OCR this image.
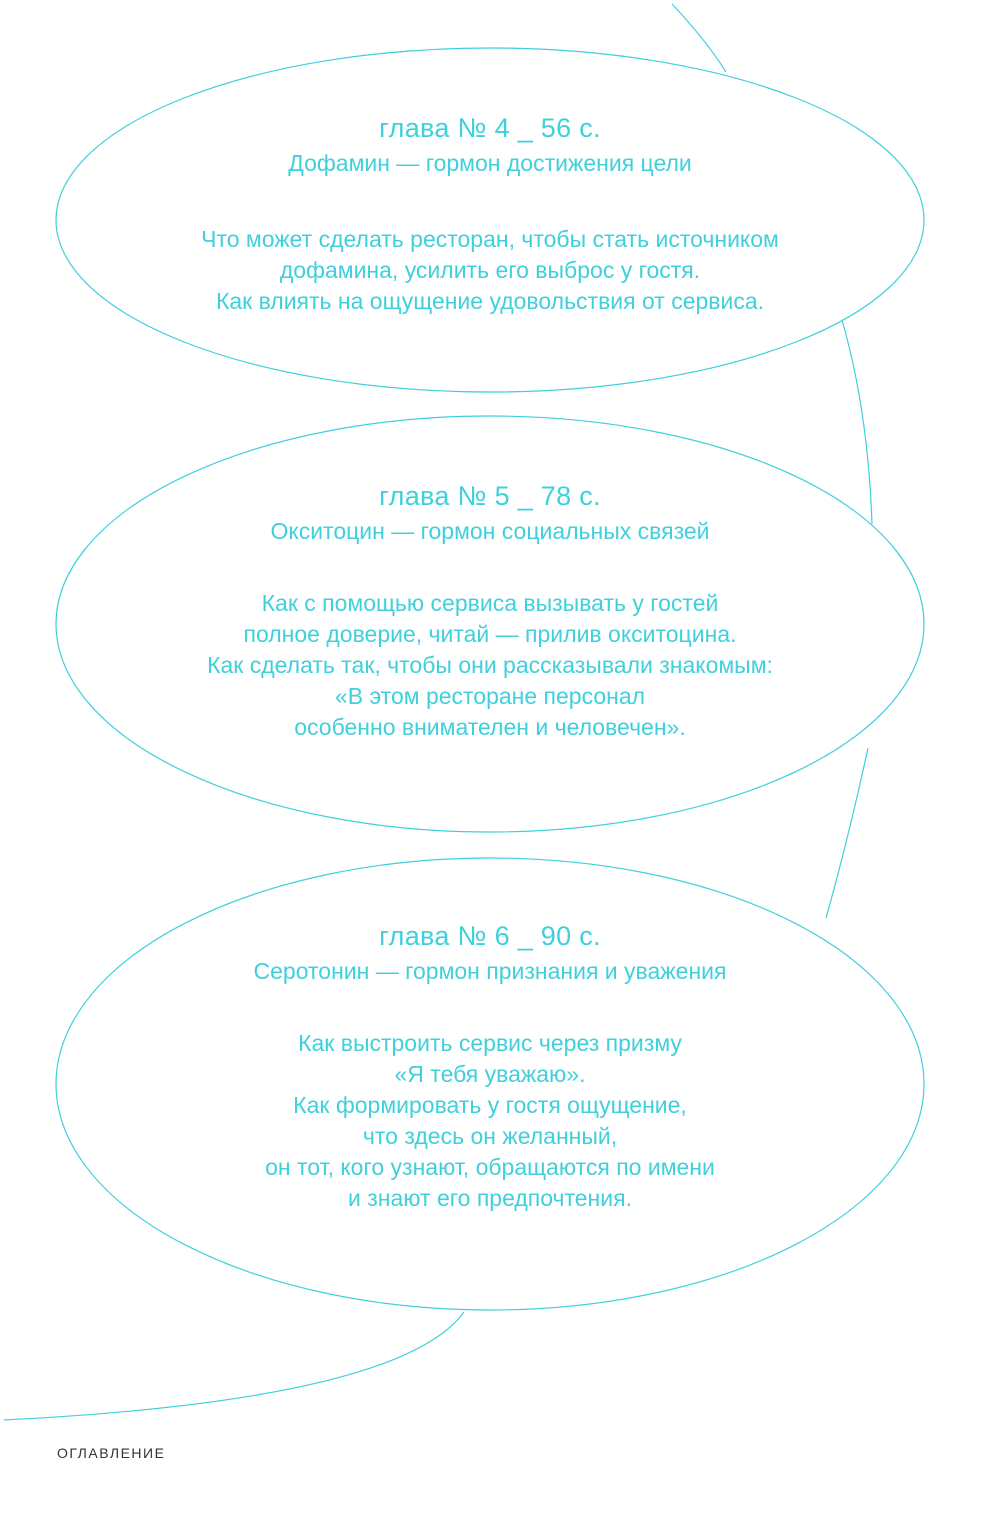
глава № 4 _ 56 с.

Дофамин — гормон достижения цели

Что может сделать ресторан, чтобы стать источником
дофамина, усилить его выброс у гостя.
Как влиять на ощущение удовольствия от сервиса.

глава № 5 _ 78 с.

Окситоцин — гормон социальных связей

Как с помощью сервиса вызывать у гостей
полное доверие, читай — прилив окситоцина.
Как сделать так, чтобы они рассказывали знакомым:
«В этом ресторане персонал
особенно внимателен и человечен».

глава № 6 _ 90 с.

Серотонин — гормон признания и уважения

Как выстроить сервис через призму
«Я тебя уважаю».
Как формировать у гостя ощущение,
что здесь он желанный,
он тот, кого узнают, обращаются по имени
и знают его предпочтения.

ОГЛАВЛЕНИЕ
